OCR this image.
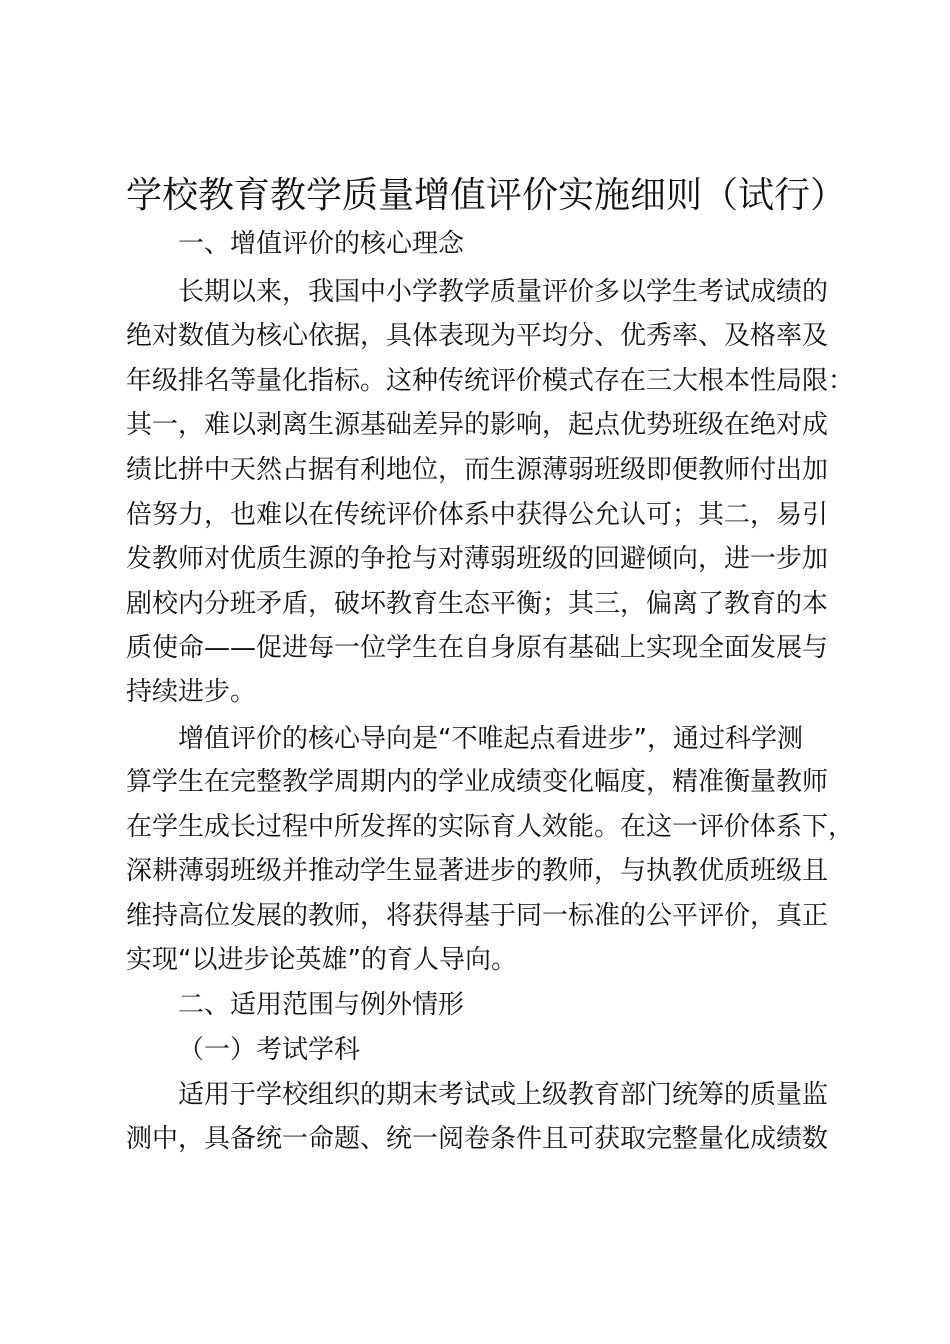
学校教育教学质量增值评价实施细则（试行）
一、增值评价的核心理念
长期以来，我国中小学教学质量评价多以学生考试成绩的
绝对数值为核心依据，具体表现为平均分、优秀率、及格率及
年级排名等量化指标。这种传统评价模式存在三大根本性局限：
其一，难以剥离生源基础差异的影响，起点优势班级在绝对成
绩比拼中天然占据有利地位，而生源薄弱班级即便教师付出加
倍努力，也难以在传统评价体系中获得公允认可；其二，易引
发教师对优质生源的争抢与对薄弱班级的回避倾向，进一步加
剧校内分班矛盾，破坏教育生态平衡；其三，偏离了教育的本
质使命——促进每一位学生在自身原有基础上实现全面发展与
持续进步。
增值评价的核心导向是“不唯起点看进步”，通过科学测
算学生在完整教学周期内的学业成绩变化幅度，精准衡量教师
在学生成长过程中所发挥的实际育人效能。在这一评价体系下，
深耕薄弱班级并推动学生显著进步的教师，与执教优质班级且
维持高位发展的教师，将获得基于同一标准的公平评价，真正
实现“以进步论英雄”的育人导向。
二、适用范围与例外情形
（一）考试学科
适用于学校组织的期末考试或上级教育部门统筹的质量监
测中，具备统一命题、统一阅卷条件且可获取完整量化成绩数
